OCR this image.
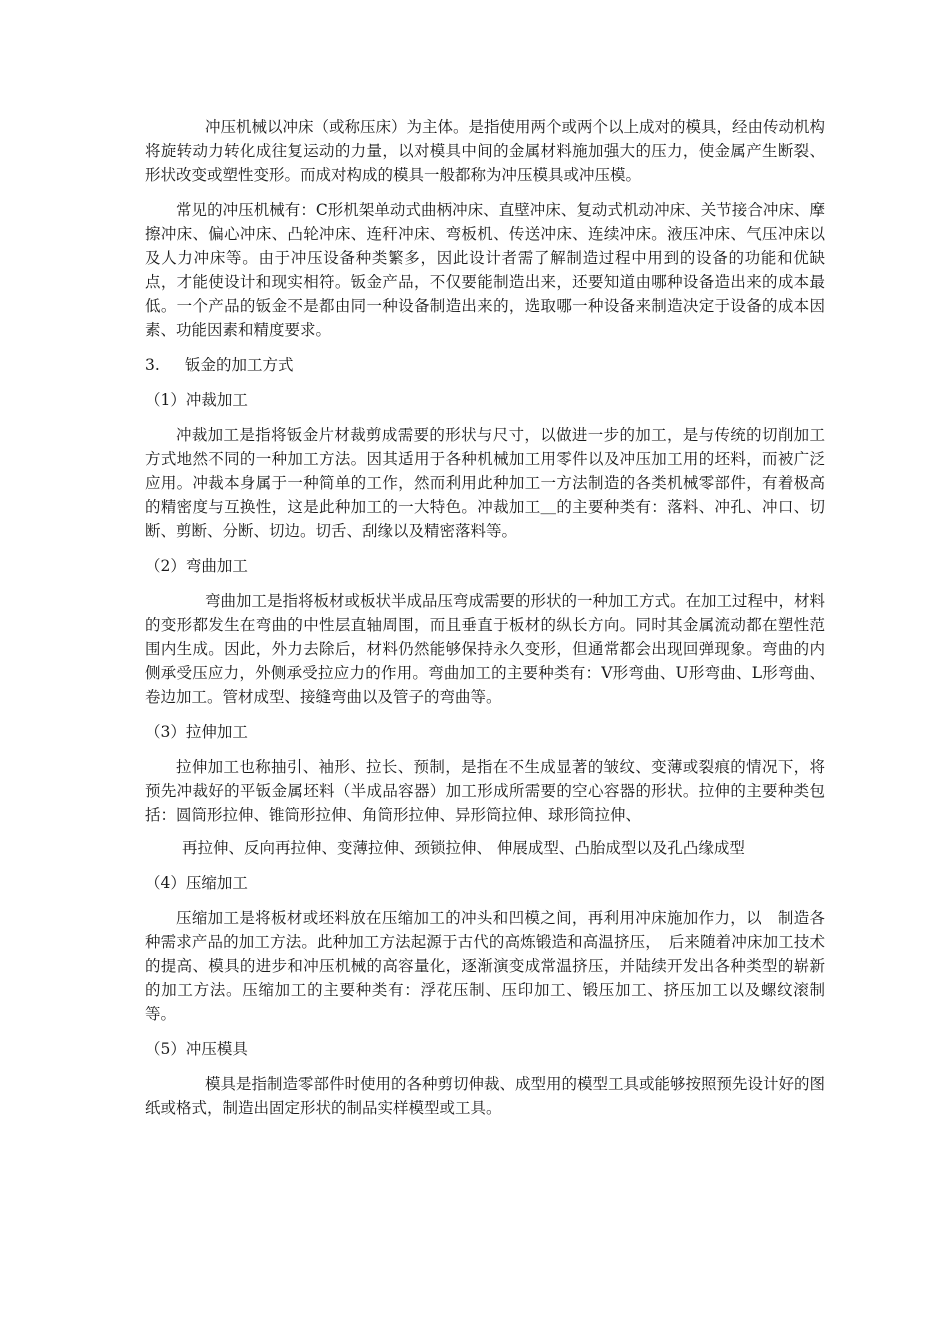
冲压机械以冲床（或称压床）为主体。是指使用两个或两个以上成对的模具，经由传动机构将旋转动力转化成往复运动的力量，以对模具中间的金属材料施加强大的压力，使金属产生断裂、形状改变或塑性变形。而成对构成的模具一般都称为冲压模具或冲压模。

常见的冲压机械有：C形机架单动式曲柄冲床、直壁冲床、复动式机动冲床、关节接合冲床、摩擦冲床、偏心冲床、凸轮冲床、连秆冲床、弯板机、传送冲床、连续冲床。液压冲床、气压冲床以及人力冲床等。由于冲压设备种类繁多，因此设计者需了解制造过程中用到的设备的功能和优缺点，才能使设计和现实相符。钣金产品，不仅要能制造出来，还要知道由哪种设备造出来的成本最低。一个产品的钣金不是都由同一种设备制造出来的，选取哪一种设备来制造决定于设备的成本因素、功能因素和精度要求。

3. 钣金的加工方式

（1）冲裁加工

冲裁加工是指将钣金片材裁剪成需要的形状与尺寸，以做进一步的加工，是与传统的切削加工方式地然不同的一种加工方法。因其适用于各种机械加工用零件以及冲压加工用的坯料，而被广泛应用。冲裁本身属于一种简单的工作，然而利用此种加工一方法制造的各类机械零部件，有着极高的精密度与互换性，这是此种加工的一大特色。冲裁加工＿的主要种类有：落料、冲孔、冲口、切断、剪断、分断、切边。切舌、刮缘以及精密落料等。

（2）弯曲加工

弯曲加工是指将板材或板状半成品压弯成需要的形状的一种加工方式。在加工过程中，材料的变形都发生在弯曲的中性层直轴周围，而且垂直于板材的纵长方向。同时其金属流动都在塑性范围内生成。因此，外力去除后，材料仍然能够保持永久变形，但通常都会出现回弹现象。弯曲的内侧承受压应力，外侧承受拉应力的作用。弯曲加工的主要种类有：V形弯曲、U形弯曲、L形弯曲、卷边加工。管材成型、接缝弯曲以及管子的弯曲等。

（3）拉伸加工

拉伸加工也称抽引、袖形、拉长、预制，是指在不生成显著的皱纹、变薄或裂痕的情况下，将预先冲裁好的平钣金属坯料（半成品容器）加工形成所需要的空心容器的形状。拉伸的主要种类包括：圆筒形拉伸、锥筒形拉伸、角筒形拉伸、异形筒拉伸、球形筒拉伸、

再拉伸、反向再拉伸、变薄拉伸、颈锁拉伸、 伸展成型、凸胎成型以及孔凸缘成型

（4）压缩加工

压缩加工是将板材或坯料放在压缩加工的冲头和凹模之间，再利用冲床施加作力，以　制造各种需求产品的加工方法。此种加工方法起源于古代的高炼锻造和高温挤压，　后来随着冲床加工技术的提高、模具的进步和冲压机械的高容量化，逐渐演变成常温挤压，并陆续开发出各种类型的崭新的加工方法。压缩加工的主要种类有：浮花压制、压印加工、锻压加工、挤压加工以及螺纹滚制等。

（5）冲压模具

模具是指制造零部件时使用的各种剪切伸裁、成型用的模型工具或能够按照预先设计好的图纸或格式，制造出固定形状的制品实样模型或工具。
